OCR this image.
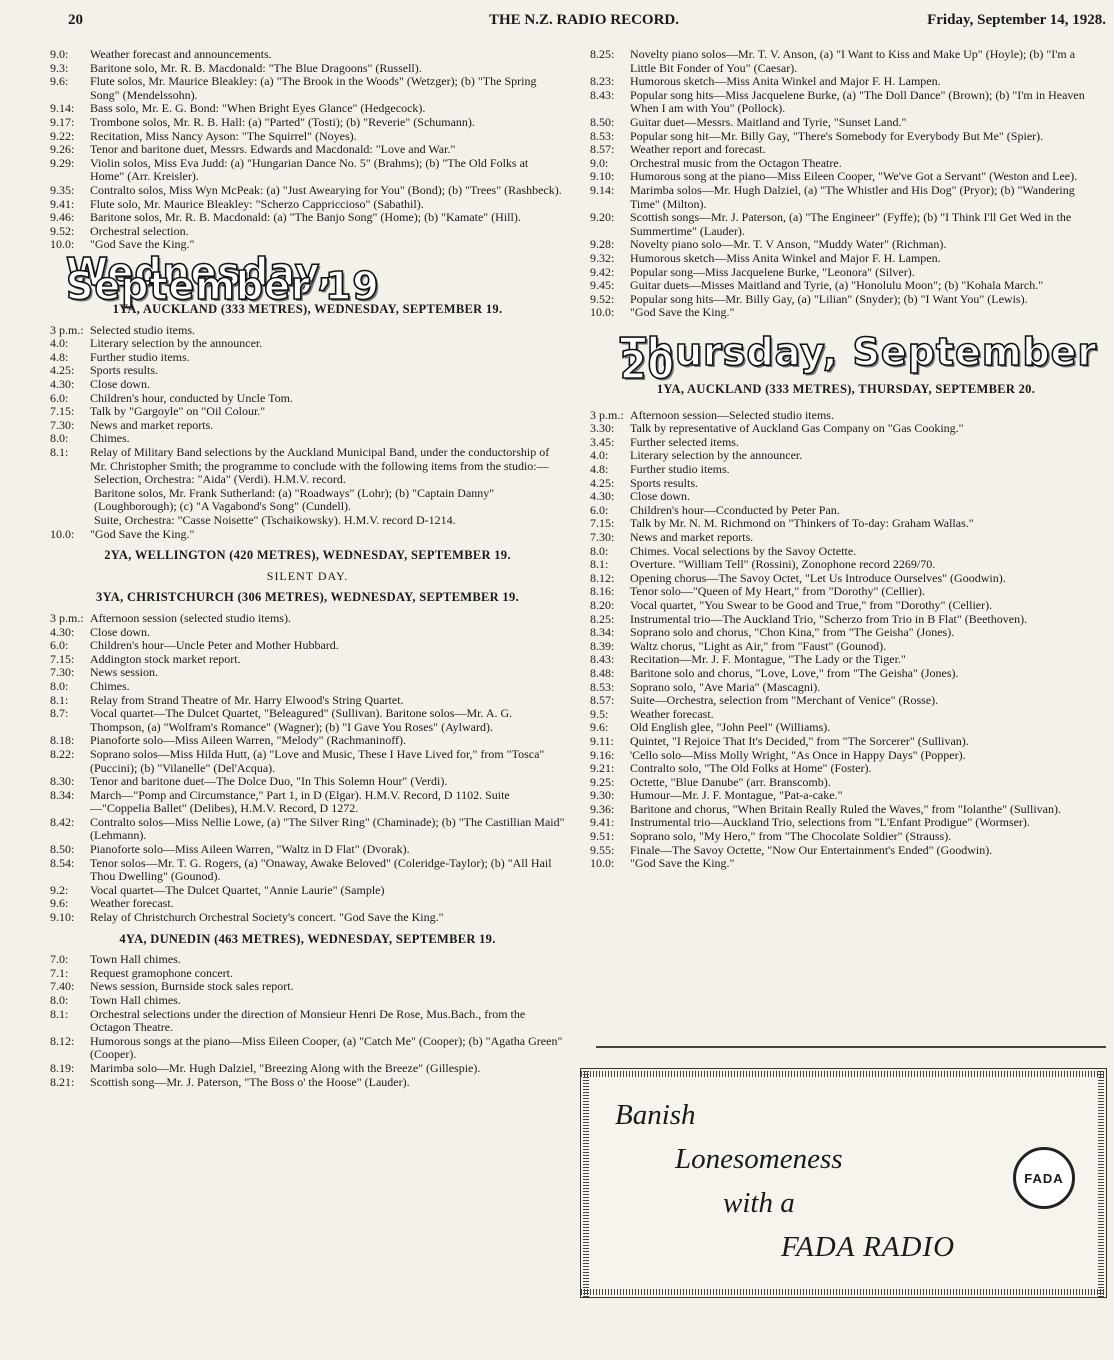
20	THE N.Z. RADIO RECORD.	Friday, September 14, 1928.
9.0:	Weather forecast and announcements.
9.3:	Baritone solo, Mr. R. B. Macdonald: "The Blue Dragoons" (Russell).
9.6:	Flute solos, Mr. Maurice Bleakley: (a) "The Brook in the Woods" (Wetzger); (b) "The Spring Song" (Mendelssohn).
9.14:	Bass solo, Mr. E. G. Bond: "When Bright Eyes Glance" (Hedgecock).
9.17:	Trombone solos, Mr. R. B. Hall: (a) "Parted" (Tosti); (b) "Reverie" (Schumann).
9.22:	Recitation, Miss Nancy Ayson: "The Squirrel" (Noyes).
9.26:	Tenor and baritone duet, Messrs. Edwards and Macdonald: "Love and War."
9.29:	Violin solos, Miss Eva Judd: (a) "Hungarian Dance No. 5" (Brahms); (b) "The Old Folks at Home" (Arr. Kreisler).
9.35:	Contralto solos, Miss Wyn McPeak: (a) "Just Awearying for You" (Bond); (b) "Trees" (Rashbeck).
9.41:	Flute solo, Mr. Maurice Bleakley: "Scherzo Cappriccioso" (Sabathil).
9.46:	Baritone solos, Mr. R. B. Macdonald: (a) "The Banjo Song" (Home); (b) "Kamate" (Hill).
9.52:	Orchestral selection.
10.0:	"God Save the King."
Wednesday, September 19
1YA, AUCKLAND (333 METRES), WEDNESDAY, SEPTEMBER 19.
3 p.m.: Selected studio items.
4.0:	Literary selection by the announcer.
4.8:	Further studio items.
4.25:	Sports results.
4.30:	Close down.
6.0:	Children's hour, conducted by Uncle Tom.
7.15:	Talk by "Gargoyle" on "Oil Colour."
7.30:	News and market reports.
8.0:	Chimes.
8.1:	Relay of Military Band selections by the Auckland Municipal Band, under the conductorship of Mr. Christopher Smith; the programme to conclude with the following items from the studio:—
Selection, Orchestra: "Aida" (Verdi). H.M.V. record.
Baritone solos, Mr. Frank Sutherland: (a) "Roadways" (Lohr); (b) "Captain Danny" (Loughborough); (c) "A Vagabond's Song" (Cundell).
Suite, Orchestra: "Casse Noisette" (Tschaikowsky). H.M.V. record D-1214.
10.0:	"God Save the King."
2YA, WELLINGTON (420 METRES), WEDNESDAY, SEPTEMBER 19.
SILENT DAY.
3YA, CHRISTCHURCH (306 METRES), WEDNESDAY, SEPTEMBER 19.
3 p.m.: Afternoon session (selected studio items).
4.30:	Close down.
6.0:	Children's hour—Uncle Peter and Mother Hubbard.
7.15:	Addington stock market report.
7.30:	News session.
8.0:	Chimes.
8.1:	Relay from Strand Theatre of Mr. Harry Elwood's String Quartet.
8.7:	Vocal quartet—The Dulcet Quartet, "Beleagured" (Sullivan). Baritone solos—Mr. A. G. Thompson, (a) "Wolfram's Romance" (Wagner); (b) "I Gave You Roses" (Aylward).
8.18:	Pianoforte solo—Miss Aileen Warren, "Melody" (Rachmaninoff).
8.22:	Soprano solos—Miss Hilda Hutt, (a) "Love and Music, These I Have Lived for," from "Tosca" (Puccini); (b) "Vilanelle" (Del'Acqua).
8.30:	Tenor and baritone duet—The Dolce Duo, "In This Solemn Hour" (Verdi).
8.34:	March—"Pomp and Circumstance," Part 1, in D (Elgar). H.M.V. Record, D 1102. Suite—"Coppelia Ballet" (Delibes), H.M.V. Record, D 1272.
8.42:	Contralto solos—Miss Nellie Lowe, (a) "The Silver Ring" (Chaminade); (b) "The Castillian Maid" (Lehmann).
8.50:	Pianoforte solo—Miss Aileen Warren, "Waltz in D Flat" (Dvorak).
8.54:	Tenor solos—Mr. T. G. Rogers, (a) "Onaway, Awake Beloved" (Coleridge-Taylor); (b) "All Hail Thou Dwelling" (Gounod).
9.2:	Vocal quartet—The Dulcet Quartet, "Annie Laurie" (Sample)
9.6:	Weather forecast.
9.10:	Relay of Christchurch Orchestral Society's concert. "God Save the King."
4YA, DUNEDIN (463 METRES), WEDNESDAY, SEPTEMBER 19.
7.0:	Town Hall chimes.
7.1:	Request gramophone concert.
7.40:	News session, Burnside stock sales report.
8.0:	Town Hall chimes.
8.1:	Orchestral selections under the direction of Monsieur Henri De Rose, Mus.Bach., from the Octagon Theatre.
8.12:	Humorous songs at the piano—Miss Eileen Cooper, (a) "Catch Me" (Cooper); (b) "Agatha Green" (Cooper).
8.19:	Marimba solo—Mr. Hugh Dalziel, "Breezing Along with the Breeze" (Gillespie).
8.21:	Scottish song—Mr. J. Paterson, "The Boss o' the Hoose" (Lauder).
8.25:	Novelty piano solos—Mr. T. V. Anson, (a) "I Want to Kiss and Make Up" (Hoyle); (b) "I'm a Little Bit Fonder of You" (Caesar).
8.23:	Humorous sketch—Miss Anita Winkel and Major F. H. Lampen.
8.43:	Popular song hits—Miss Jacquelene Burke, (a) "The Doll Dance" (Brown); (b) "I'm in Heaven When I am with You" (Pollock).
8.50:	Guitar duet—Messrs. Maitland and Tyrie, "Sunset Land."
8.53:	Popular song hit—Mr. Billy Gay, "There's Somebody for Everybody But Me" (Spier).
8.57:	Weather report and forecast.
9.0:	Orchestral music from the Octagon Theatre.
9.10:	Humorous song at the piano—Miss Eileen Cooper, "We've Got a Servant" (Weston and Lee).
9.14:	Marimba solos—Mr. Hugh Dalziel, (a) "The Whistler and His Dog" (Pryor); (b) "Wandering Time" (Milton).
9.20:	Scottish songs—Mr. J. Paterson, (a) "The Engineer" (Fyffe); (b) "I Think I'll Get Wed in the Summertime" (Lauder).
9.28:	Novelty piano solo—Mr. T. V Anson, "Muddy Water" (Richman).
9.32:	Humorous sketch—Miss Anita Winkel and Major F. H. Lampen.
9.42:	Popular song—Miss Jacquelene Burke, "Leonora" (Silver).
9.45:	Guitar duets—Misses Maitland and Tyrie, (a) "Honolulu Moon"; (b) "Kohala March."
9.52:	Popular song hits—Mr. Billy Gay, (a) "Lilian" (Snyder); (b) "I Want You" (Lewis).
10.0:	"God Save the King."
Thursday, September 20
1YA, AUCKLAND (333 METRES), THURSDAY, SEPTEMBER 20.
3 p.m.: Afternoon session—Selected studio items.
3.30:	Talk by representative of Auckland Gas Company on "Gas Cooking."
3.45:	Further selected items.
4.0:	Literary selection by the announcer.
4.8:	Further studio items.
4.25:	Sports results.
4.30:	Close down.
6.0:	Children's hour—Cconducted by Peter Pan.
7.15:	Talk by Mr. N. M. Richmond on "Thinkers of To-day: Graham Wallas."
7.30:	News and market reports.
8.0:	Chimes. Vocal selections by the Savoy Octette.
8.1:	Overture. "William Tell" (Rossini), Zonophone record 2269/70.
8.12:	Opening chorus—The Savoy Octet, "Let Us Introduce Ourselves" (Goodwin).
8.16:	Tenor solo—"Queen of My Heart," from "Dorothy" (Cellier).
8.20:	Vocal quartet, "You Swear to be Good and True," from "Dorothy" (Cellier).
8.25:	Instrumental trio—The Auckland Trio, "Scherzo from Trio in B Flat" (Beethoven).
8.34:	Soprano solo and chorus, "Chon Kina," from "The Geisha" (Jones).
8.39:	Waltz chorus, "Light as Air," from "Faust" (Gounod).
8.43:	Recitation—Mr. J. F. Montague, "The Lady or the Tiger."
8.48:	Baritone solo and chorus, "Love, Love," from "The Geisha" (Jones).
8.53:	Soprano solo, "Ave Maria" (Mascagni).
8.57:	Suite—Orchestra, selection from "Merchant of Venice" (Rosse).
9.5:	Weather forecast.
9.6:	Old English glee, "John Peel" (Williams).
9.11:	Quintet, "I Rejoice That It's Decided," from "The Sorcerer" (Sullivan).
9.16:	'Cello solo—Miss Molly Wright, "As Once in Happy Days" (Popper).
9.21:	Contralto solo, "The Old Folks at Home" (Foster).
9.25:	Octette, "Blue Danube" (arr. Branscomb).
9.30:	Humour—Mr. J. F. Montague, "Pat-a-cake."
9.36:	Baritone and chorus, "When Britain Really Ruled the Waves," from "Iolanthe" (Sullivan).
9.41:	Instrumental trio—Auckland Trio, selections from "L'Enfant Prodigue" (Wormser).
9.51:	Soprano solo, "My Hero," from "The Chocolate Soldier" (Strauss).
9.55:	Finale—The Savoy Octette, "Now Our Entertainment's Ended" (Goodwin).
10.0:	"God Save the King."
Banish
Lonesomeness
with a
FADA RADIO
FADA
